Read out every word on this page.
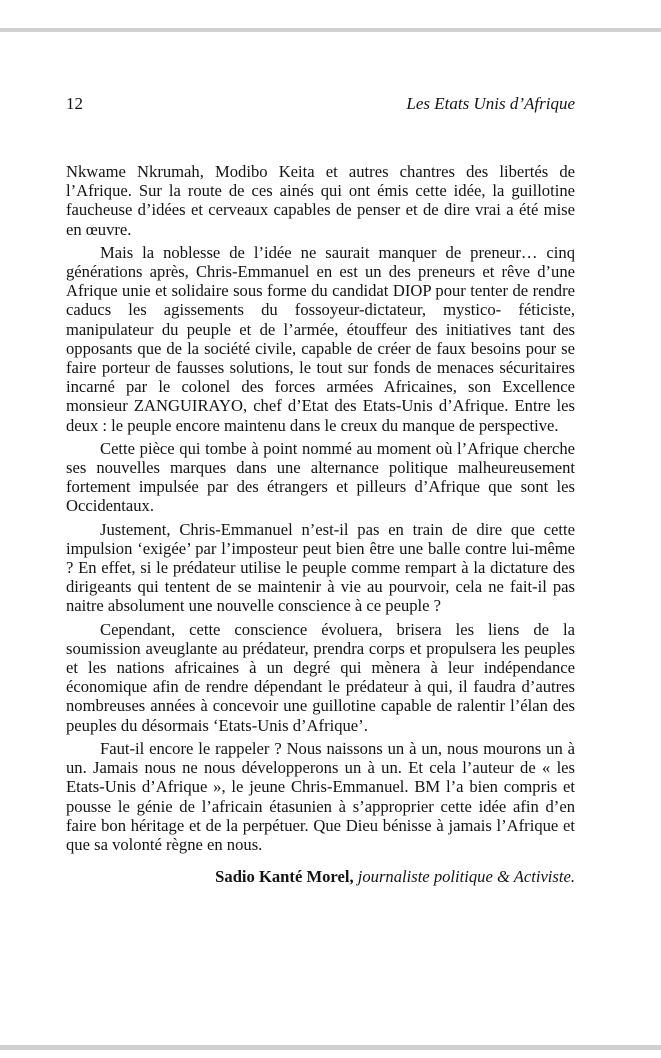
12	Les Etats Unis d’Afrique

Nkwame Nkrumah, Modibo Keita et autres chantres des libertés de l’Afrique. Sur la route de ces ainés qui ont émis cette idée, la guillotine faucheuse d’idées et cerveaux capables de penser et de dire vrai a été mise en œuvre.

Mais la noblesse de l’idée ne saurait manquer de preneur… cinq générations après, Chris-Emmanuel en est un des preneurs et rêve d’une Afrique unie et solidaire sous forme du candidat DIOP pour tenter de rendre caducs les agissements du fossoyeur-dictateur, mystico- féticiste, manipulateur du peuple et de l’armée, étouffeur des initiatives tant des opposants que de la société civile, capable de créer de faux besoins pour se faire porteur de fausses solutions, le tout sur fonds de menaces sécuritaires incarné par le colonel des forces armées Africaines, son Excellence monsieur ZANGUIRAYO, chef d’Etat des Etats-Unis d’Afrique. Entre les deux : le peuple encore maintenu dans le creux du manque de perspective.

Cette pièce qui tombe à point nommé au moment où l’Afrique cherche ses nouvelles marques dans une alternance politique malheureusement fortement impulsée par des étrangers et pilleurs d’Afrique que sont les Occidentaux.

Justement, Chris-Emmanuel n’est-il pas en train de dire que cette impulsion ‘exigée’ par l’imposteur peut bien être une balle contre lui-même ? En effet, si le prédateur utilise le peuple comme rempart à la dictature des dirigeants qui tentent de se maintenir à vie au pourvoir, cela ne fait-il pas naitre absolument une nouvelle conscience à ce peuple ?

Cependant, cette conscience évoluera, brisera les liens de la soumission aveuglante au prédateur, prendra corps et propulsera les peuples et les nations africaines à un degré qui mènera à leur indépendance économique afin de rendre dépendant le prédateur à qui, il faudra d’autres nombreuses années à concevoir une guillotine capable de ralentir l’élan des peuples du désormais ‘Etats-Unis d’Afrique’.

Faut-il encore le rappeler ? Nous naissons un à un, nous mourons un à un. Jamais nous ne nous développerons un à un. Et cela l’auteur de « les Etats-Unis d’Afrique », le jeune Chris-Emmanuel. BM l’a bien compris et pousse le génie de l’africain étasunien à s’approprier cette idée afin d’en faire bon héritage et de la perpétuer. Que Dieu bénisse à jamais l’Afrique et que sa volonté règne en nous.

Sadio Kanté Morel, journaliste politique & Activiste.
